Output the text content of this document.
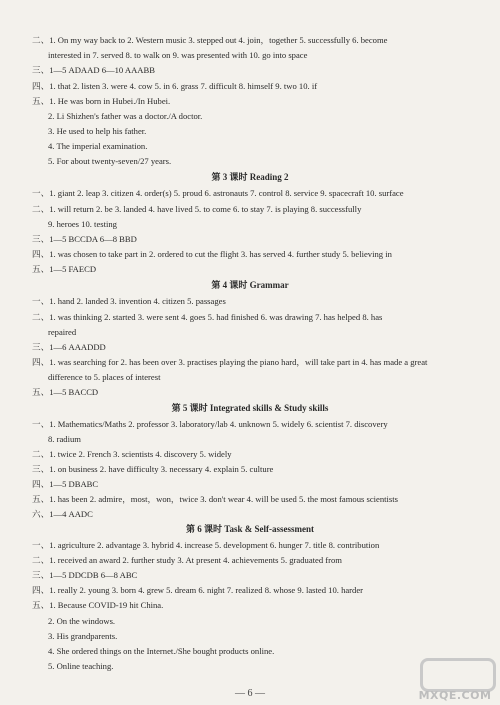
二、1. On my way back to 2. Western music 3. stepped out 4. join，together 5. successfully 6. become
interested in 7. served 8. to walk on 9. was presented with 10. go into space
三、1—5 ADAAD 6—10 AAABB
四、1. that 2. listen 3. were 4. cow 5. in 6. grass 7. difficult 8. himself 9. two 10. if
五、1. He was born in Hubei./In Hubei.
2. Li Shizhen's father was a doctor./A doctor.
3. He used to help his father.
4. The imperial examination.
5. For about twenty-seven/27 years.
第 3 课时 Reading 2
一、1. giant 2. leap 3. citizen 4. order(s) 5. proud 6. astronauts 7. control 8. service 9. spacecraft 10. surface
二、1. will return 2. be 3. landed 4. have lived 5. to come 6. to stay 7. is playing 8. successfully
9. heroes 10. testing
三、1—5 BCCDA 6—8 BBD
四、1. was chosen to take part in 2. ordered to cut the flight 3. has served 4. further study 5. believing in
五、1—5 FAECD
第 4 课时 Grammar
一、1. hand 2. landed 3. invention 4. citizen 5. passages
二、1. was thinking 2. started 3. were sent 4. goes 5. had finished 6. was drawing 7. has helped 8. has
repaired
三、1—6 AAADDD
四、1. was searching for 2. has been over 3. practises playing the piano hard，will take part in 4. has made a great
difference to 5. places of interest
五、1—5 BACCD
第 5 课时 Integrated skills & Study skills
一、1. Mathematics/Maths 2. professor 3. laboratory/lab 4. unknown 5. widely 6. scientist 7. discovery
8. radium
二、1. twice 2. French 3. scientists 4. discovery 5. widely
三、1. on business 2. have difficulty 3. necessary 4. explain 5. culture
四、1—5 DBABC
五、1. has been 2. admire，most，won，twice 3. don't wear 4. will be used 5. the most famous scientists
六、1—4 AADC
第 6 课时 Task & Self-assessment
一、1. agriculture 2. advantage 3. hybrid 4. increase 5. development 6. hunger 7. title 8. contribution
二、1. received an award 2. further study 3. At present 4. achievements 5. graduated from
三、1—5 DDCDB 6—8 ABC
四、1. really 2. young 3. born 4. grew 5. dream 6. night 7. realized 8. whose 9. lasted 10. harder
五、1. Because COVID-19 hit China.
2. On the windows.
3. His grandparents.
4. She ordered things on the Internet./She bought products online.
5. Online teaching.
— 6 —	MXQE.COM
